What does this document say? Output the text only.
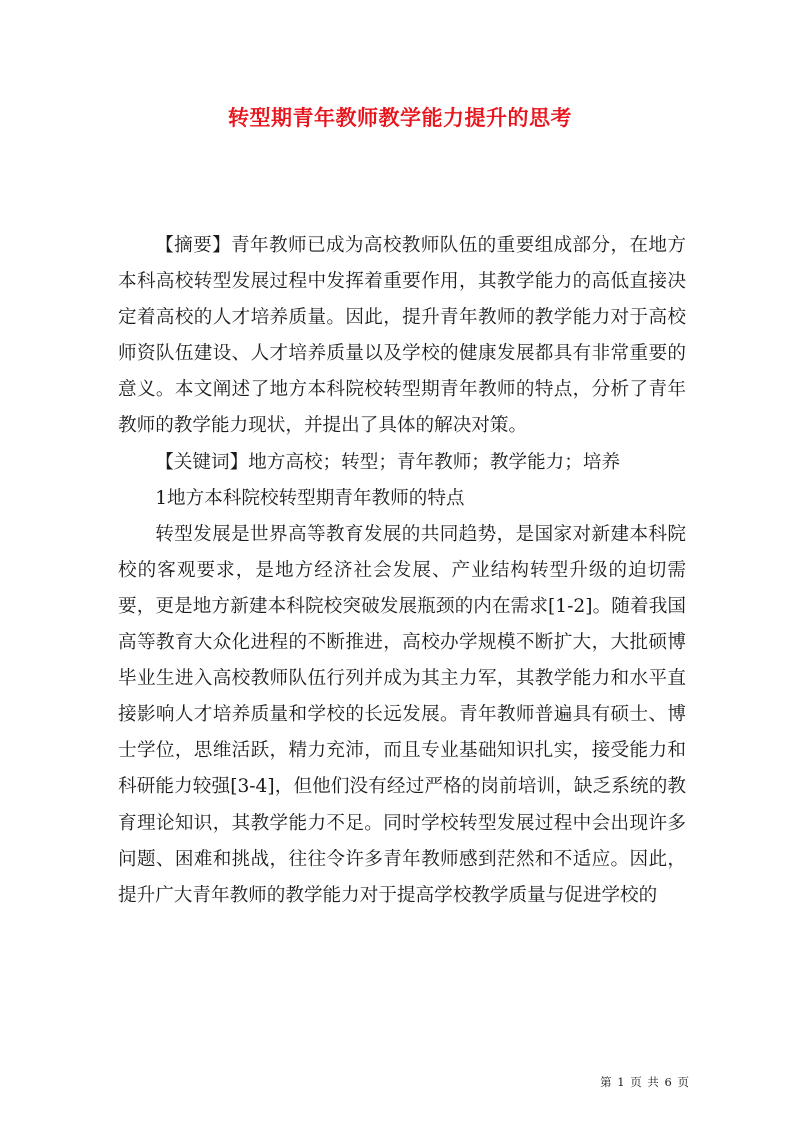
转型期青年教师教学能力提升的思考

【摘要】青年教师已成为高校教师队伍的重要组成部分，在地方本科高校转型发展过程中发挥着重要作用，其教学能力的高低直接决定着高校的人才培养质量。因此，提升青年教师的教学能力对于高校师资队伍建设、人才培养质量以及学校的健康发展都具有非常重要的意义。本文阐述了地方本科院校转型期青年教师的特点，分析了青年教师的教学能力现状，并提出了具体的解决对策。

【关键词】地方高校；转型；青年教师；教学能力；培养

1地方本科院校转型期青年教师的特点

转型发展是世界高等教育发展的共同趋势，是国家对新建本科院校的客观要求，是地方经济社会发展、产业结构转型升级的迫切需要，更是地方新建本科院校突破发展瓶颈的内在需求[1-2]。随着我国高等教育大众化进程的不断推进，高校办学规模不断扩大，大批硕博毕业生进入高校教师队伍行列并成为其主力军，其教学能力和水平直接影响人才培养质量和学校的长远发展。青年教师普遍具有硕士、博士学位，思维活跃，精力充沛，而且专业基础知识扎实，接受能力和科研能力较强[3-4]，但他们没有经过严格的岗前培训，缺乏系统的教育理论知识，其教学能力不足。同时学校转型发展过程中会出现许多问题、困难和挑战，往往令许多青年教师感到茫然和不适应。因此，提升广大青年教师的教学能力对于提高学校教学质量与促进学校的

第 1 页 共 6 页
